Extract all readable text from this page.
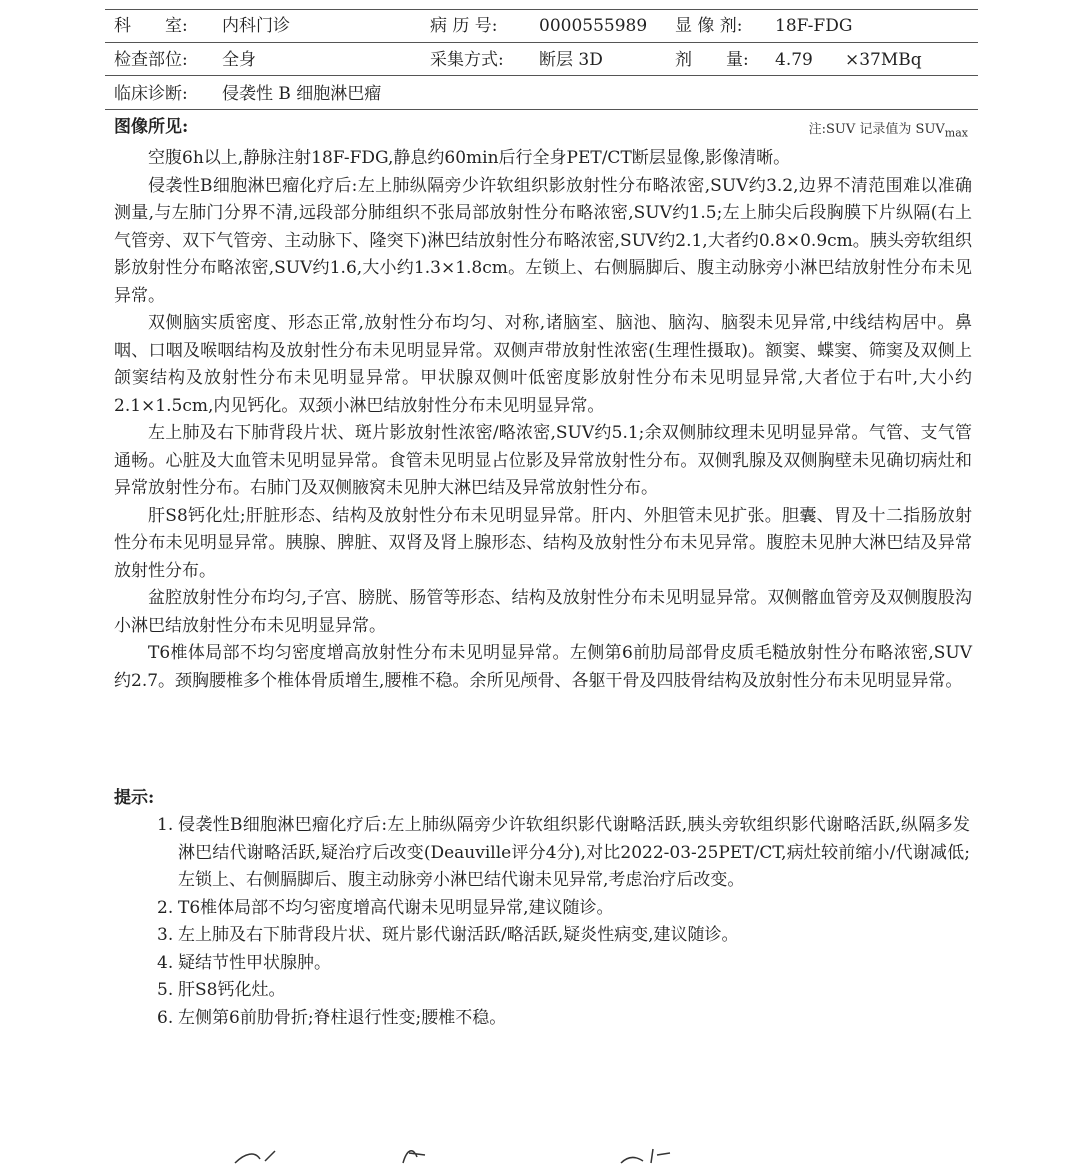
科　　室: 内科门诊	病 历 号: 0000555989 显 像 剂: 18F-FDG
检查部位: 全身	采集方式: 断层 3D	剂　　量: 4.79 ×37MBq
临床诊断: 侵袭性 B 细胞淋巴瘤
图像所见:	注:SUV 记录值为 $SUV_{max}$

空腹6h以上,静脉注射18F-FDG,静息约60min后行全身PET/CT断层显像,影像清晰。

侵袭性B细胞淋巴瘤化疗后:左上肺纵隔旁少许软组织影放射性分布略浓密,SUV约3.2,边界不清范围难以准确测量,与左肺门分界不清,远段部分肺组织不张局部放射性分布略浓密,SUV约1.5;左上肺尖后段胸膜下片纵隔(右上气管旁、双下气管旁、主动脉下、隆突下)淋巴结放射性分布略浓密,SUV约2.1,大者约0.8×0.9cm。胰头旁软组织影放射性分布略浓密,SUV约1.6,大小约1.3×1.8cm。左锁上、右侧膈脚后、腹主动脉旁小淋巴结放射性分布未见异常。

双侧脑实质密度、形态正常,放射性分布均匀、对称,诸脑室、脑池、脑沟、脑裂未见异常,中线结构居中。鼻咽、口咽及喉咽结构及放射性分布未见明显异常。双侧声带放射性浓密(生理性摄取)。额窦、蝶窦、筛窦及双侧上颌窦结构及放射性分布未见明显异常。甲状腺双侧叶低密度影放射性分布未见明显异常,大者位于右叶,大小约2.1×1.5cm,内见钙化。双颈小淋巴结放射性分布未见明显异常。

左上肺及右下肺背段片状、斑片影放射性浓密/略浓密,SUV约5.1;余双侧肺纹理未见明显异常。气管、支气管通畅。心脏及大血管未见明显异常。食管未见明显占位影及异常放射性分布。双侧乳腺及双侧胸壁未见确切病灶和异常放射性分布。右肺门及双侧腋窝未见肿大淋巴结及异常放射性分布。

肝S8钙化灶;肝脏形态、结构及放射性分布未见明显异常。肝内、外胆管未见扩张。胆囊、胃及十二指肠放射性分布未见明显异常。胰腺、脾脏、双肾及肾上腺形态、结构及放射性分布未见异常。腹腔未见肿大淋巴结及异常放射性分布。

盆腔放射性分布均匀,子宫、膀胱、肠管等形态、结构及放射性分布未见明显异常。双侧髂血管旁及双侧腹股沟小淋巴结放射性分布未见明显异常。

T6椎体局部不均匀密度增高放射性分布未见明显异常。左侧第6前肋局部骨皮质毛糙放射性分布略浓密,SUV约2.7。颈胸腰椎多个椎体骨质增生,腰椎不稳。余所见颅骨、各躯干骨及四肢骨结构及放射性分布未见明显异常。

提示:
1. 侵袭性B细胞淋巴瘤化疗后:左上肺纵隔旁少许软组织影代谢略活跃,胰头旁软组织影代谢略活跃,纵隔多发淋巴结代谢略活跃,疑治疗后改变(Deauville评分4分),对比2022-03-25PET/CT,病灶较前缩小/代谢减低;左锁上、右侧膈脚后、腹主动脉旁小淋巴结代谢未见异常,考虑治疗后改变。
2. T6椎体局部不均匀密度增高代谢未见明显异常,建议随诊。
3. 左上肺及右下肺背段片状、斑片影代谢活跃/略活跃,疑炎性病变,建议随诊。
4. 疑结节性甲状腺肿。
5. 肝S8钙化灶。
6. 左侧第6前肋骨折;脊柱退行性变;腰椎不稳。
